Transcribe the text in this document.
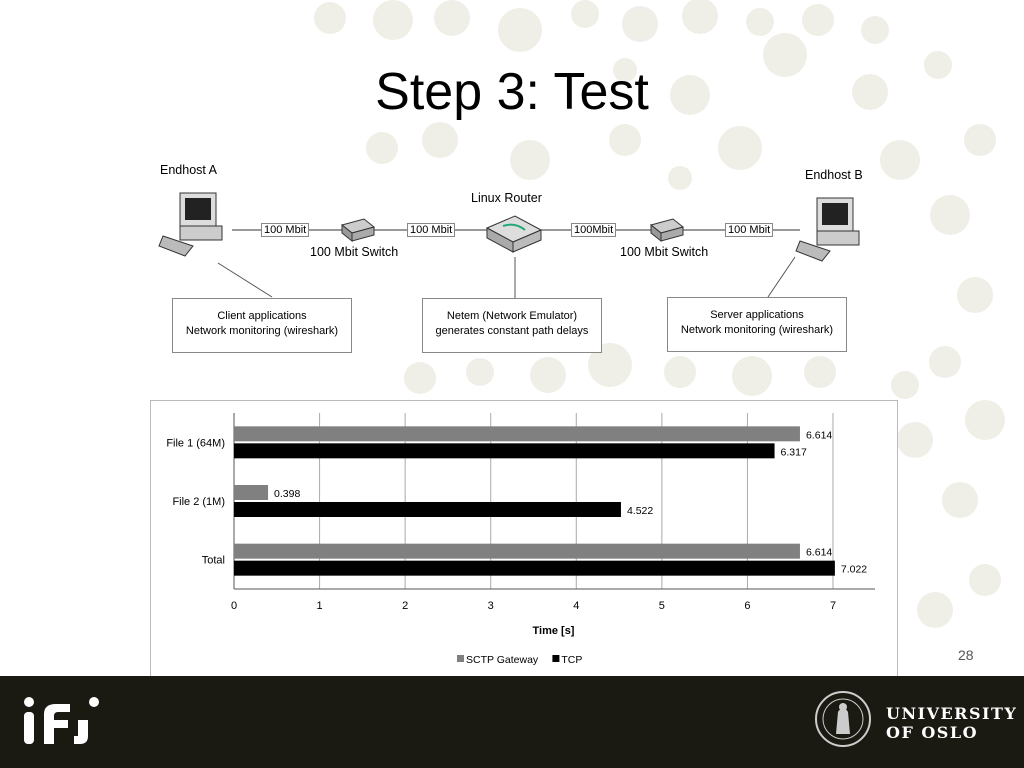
Step 3: Test
Endhost A	Endhost B
100 Mbit Switch
Linux Router
100 Mbit Switch
100 Mbit	100 Mbit	100Mbit	100 Mbit
Client applications
Network monitoring (wireshark)
Netem (Network Emulator)
generates constant path delays
Server applications
Network monitoring (wireshark)
0	1	2	3	4	5	6	7
File 1 (64M)
6.614
6.317
File 2 (1M)
0.398
4.522
Total
6.614
7.022
Time [s]
SCTP Gateway TCP	28
UNIVERSITY
OF OSLO
